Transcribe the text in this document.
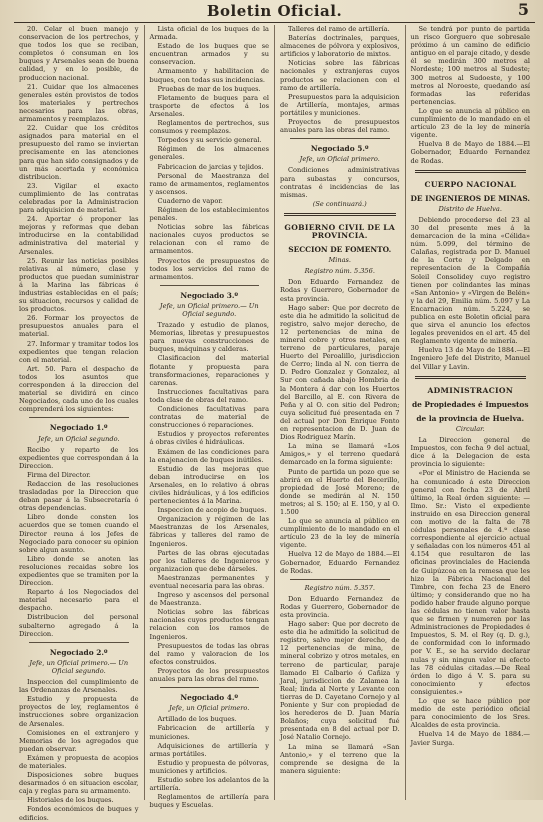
Boletin Oficial.	5

20. Celar el buen manejo y conservacion de los pertrechos, y que todos los que se reciban, completos ó consuman en los buques y Arsenales sean de buena calidad, y en lo posible, de produccion nacional.

21. Cuidar que los almacenes generales estén provistos de todos los materiales y pertrechos necesarios para las obras, armamentos y reemplazos.

22. Cuidar que los créditos asignados para material en el presupuesto del ramo se inviertan precisamente en las atenciones para que han sido consignados y de un más acertada y económica distribucion.

23. Vigilar el exacto cumplimiento de las contratas celebradas por la Administracion para adquisicion de material.

24. Aportar ó proponer las mejoras y reformas que deban introducirse en la contabilidad administrativa del material y Arsenales.

25. Reunir las noticias posibles relativas al número, clase y productos que puedan suministrar á la Marina las fábricas é industrias establecidas en el país; su situacion, recursos y calidad de los productos.

26. Formar los proyectos de presupuestos anuales para el material.

27. Informar y tramitar todos los expedientes que tengan relacion con el material.

Art. 50. Para el despacho de todos los asuntos que corresponden á la direccion del material se dividirá en cinco Negociados, cada uno de los cuales comprenderá los siguientes:

Negociado 1.º
Jefe, un Oficial segundo.

Recibo y reparto de los expedientes que correspondan á la Direccion.

Firma del Director.

Redaccion de las resoluciones trasladadas por la Direccion que deban pasar á la Subsecretaría ó otras dependencias.

Libro donde consten los acuerdos que se tomen cuando el Director reuna á los Jefes de Negociado para conocer su opinion sobre algun asunto.

Libro donde se anoten las resoluciones recaidas sobre los expedientes que se tramiten por la Direccion.

Reparto á los Negociados del material necesario para el despacho.

Distribucion del personal subalterno agregado á la Direccion.

Negociado 2.º
Jefe, un Oficial primero.— Un Oficial segundo.

Inspeccion del cumplimiento de las Ordenanzas de Arsenales.

Estudio y propuesta de proyectos de ley, reglamentos é instrucciones sobre organizacion de Arsenales.

Comisiones en el extranjero y Memorias de los agregados que puedan observar.

Exámen y propuesta de acopios de materiales.

Disposiciones sobre buques desarmados ó en situacion escolar, caja y reglas para su armamento.

Historiales de los buques.

Fondos económicos de buques y edificios.

Lista oficial de los buques de la Armada.

Estado de los buques que se encuentran armados y su conservacion.

Armamento y habilitacion de buques, con todas sus incidencias.

Pruebas de mar de los buques.

Fletamento de buques para el trasporte de efectos á los Arsenales.

Reglamentos de pertrechos, sus consumos y reemplazos.

Torpedos y su servicio general.

Régimen de los almacenes generales.

Fabricacion de jarcias y tejidos.

Personal de Maestranza del ramo de armamentos, reglamentos y ascensos.

Cuaderno de vapor.

Régimen de los establecimientos penales.

Noticias sobre las fábricas nacionales cuyos productos se relacionan con el ramo de armamentos.

Proyectos de presupuestos de todos los servicios del ramo de armamentos.

Negociado 3.º
Jefe, un Oficial primero.— Un Oficial segundo.

Trazado y estudio de planos, Memorias, libretas y presupuestos para nuevas construcciones de buques, máquinas y calderas.

Clasificacion del material flotante y propuesta para transformaciones, reparaciones y carenas.

Instrucciones facultativas para toda clase de obras del ramo.

Condiciones facultativas para contratas de material de construcciones ó reparaciones.

Estudios y proyectos referentes á obras civiles é hidráulicas.

Exámen de las condiciones para la enajenacion de buques inútiles.

Estudio de las mejoras que deban introducirse en los Arsenales, en lo relativo á obras civiles hidráulicas, y á los edificios pertenecientes á la Marina.

Inspeccion de acopio de buques.

Organizacion y régimen de las Maestranzas de los Arsenales, fábricas y talleres del ramo de Ingenieros.

Partes de las obras ejecutadas por los talleres de Ingenieros y organizacion que debe dárseles.

Maestranzas permanentes y eventual necesaria para las obras.

Ingreso y ascensos del personal de Maestranza.

Noticias sobre las fábricas nacionales cuyos productos tengan relacion con los ramos de Ingenieros.

Presupuestos de todas las obras del ramo y valoracion de los efectos construidos.

Proyectos de los presupuestos anuales para las obras del ramo.

Negociado 4.º
Jefe, un Oficial primero.

Artillado de los buques.

Fabricacion de artillería y municiones.

Adquisiciones de artillería y armas portátiles.

Estudio y propuesta de pólvoras, municiones y artificios.

Estudio sobre los adelantos de la artillería.

Reglamentos de artillería para buques y Escuelas.

Talleres del ramo de artillería.

Baterías doctrinales, parques, almacenes de pólvora y explosivos, artificios y laboratorio de mixtos.

Noticias sobre las fábricas nacionales y extranjeras cuyos productos se relacionen con el ramo de artillería.

Presupuestos para la adquisicion de Artillería, montajes, armas portátiles y municiones.

Proyectos de presupuestos anuales para las obras del ramo.

Negociado 5.º
Jefe, un Oficial primero.

Condiciones administrativas para subastas y concursos, contratas é incidencias de las mismas.

(Se continuará.)

GOBIERNO CIVIL DE LA PROVINCIA.
SECCION DE FOMENTO.
Minas.
Registro núm. 5.356.

Don Eduardo Fernandez de Rodas y Guerrero, Gobernador de esta provincia.

Hago saber: Que por decreto de este dia he admitido la solicitud de registro, salvo mejor derecho, de 12 pertenencias de mina de mineral cobre y otros metales, en terreno de particulares, paraje Huerto del Peroalillo, jurisdiccion de Cerro; linda al N. con tierra de D. Pedro Gonzalez y Gonzalez, al Sur con cañada abajo Hombria de la Montera á dar con los Huertos del Barcillo, al E. con Rivera de Peña y al O. con sitio del Pedron; cuya solicitud fué presentada en 7 del actual por Don Enrique Fonto en representacion de D. Juan de Dios Rodriguez Marín.

La mina se llamará «Los Amigos,» y el terreno quedará demarcado en la forma siguiente:

Punto de partida un pozo que se abrirá en el Huerto del Becerillo, propiedad de José Moreno; de donde se medirán al N. 150 metros; al S. 150; al E. 150, y al O. 1.500

Lo que se anuncia al público en cumplimiento de lo mandado en el artículo 23 de la ley de minería vigente.

Huelva 12 de Mayo de 1884.—El Gobernador, Eduardo Fernandez de Rodas.

Registro núm. 5.357.

Don Eduardo Fernandez de Rodas y Guerrero, Gobernador de esta provincia.

Hago saber: Que por decreto de este dia he admitido la solicitud de registro, salvo mejor derecho, de 12 pertenencias de mina, de mineral cobrizo y otros metales, en terreno de particular, paraje llamado El Calbario ó Cañiza y Jaral, jurisdiccion de Zalamea la Real; linda al Norte y Levante con tierras de D. Cayetano Cornejo y al Poniente y Sur con propiedad de los herederos de D. Juan María Bolaños; cuya solicitud fué presentada en 8 del actual por D. José Natalio Cornejo.

La mina se llamará «San Antonio,» y el terreno que la comprende se designa de la manera siguiente:

Se tendrá por punto de partida un risco Gorguero que sobresale próximo á un camino de edificio antiguo en el paraje citado, y desde él se medirán 300 metros al Nordeste; 100 metros al Sudeste; 300 metros al Sudoeste, y 100 metros al Noroeste, quedando así formadas las referidas pertenencias.

Lo que se anuncia al público en cumplimiento de lo mandado en el artículo 23 de la ley de minería vigente.

Huelva 8 de Mayo de 1884.—El Gobernador, Eduardo Fernandez de Rodas.

CUERPO NACIONAL
DE INGENIEROS DE MINAS.
Distrito de Huelva.

Debiendo procederse del 23 al 30 del presente mes á la demarcacion de la mina «Célida» núm. 5.099, del término de Calañas, registrada por D. Manuel de la Corte y Delgado en representacion de la Compañía Soleil Consolidey cuyo registro tienen por colindantes las minas «San Antonio» y «Virgen de Belén» y la del 29, Emilia núm. 5.097 y La Encarnacion núm. 5.224, se publica en este Boletin oficial para que sirva el anuncio los efectos legales prevenidos en el art. 45 del Reglamento vigente de minería.

Huelva 13 de Mayo de 1884.—El Ingeniero Jefe del Distrito, Manuel del Villar y Lavin.

ADMINISTRACION
de Propiedades é Impuestos
de la provincia de Huelva.
Circular.

La Direccion general de Impuestos, con fecha 9 del actual, dice á la Delegacion de esta provincia lo siguiente:

«Por el Ministro de Hacienda se ha comunicado á este Direccion general con fecha 23 de Abril último, la Real órden siguiente: —Ilmo. Sr.: Visto el expediente instruido en esa Direccion general con motivo de la falta de 78 cédulas personales de 4.ª clase correspondiente al ejercicio actual y señaladas con los números 451 al 4.154 que resultaron de las oficinas provinciales de Hacienda de Guipúzcoa en la remesa que les hizo la Fábrica Nacional del Timbre, con fecha 23 de Enero último; y considerando que no ha podido haber fraude alguno porque las cédulas no tienen valor hasta que se firmen y numeren por las Administraciones de Propiedades é Impuestos, S. M. el Rey (q. D. g.), de conformidad con lo informado por V. E., se ha servido declarar nulas y sin ningun valor ni efecto las 78 cédulas citadas.—De Real órden lo digo á V. S. para su conocimiento y efectos consiguientes.»

Lo que se hace público por medio de este periódico oficial para conocimiento de los Sres. Alcaldes de esta provincia.

Huelva 14 de Mayo de 1884.—Javier Surga.
